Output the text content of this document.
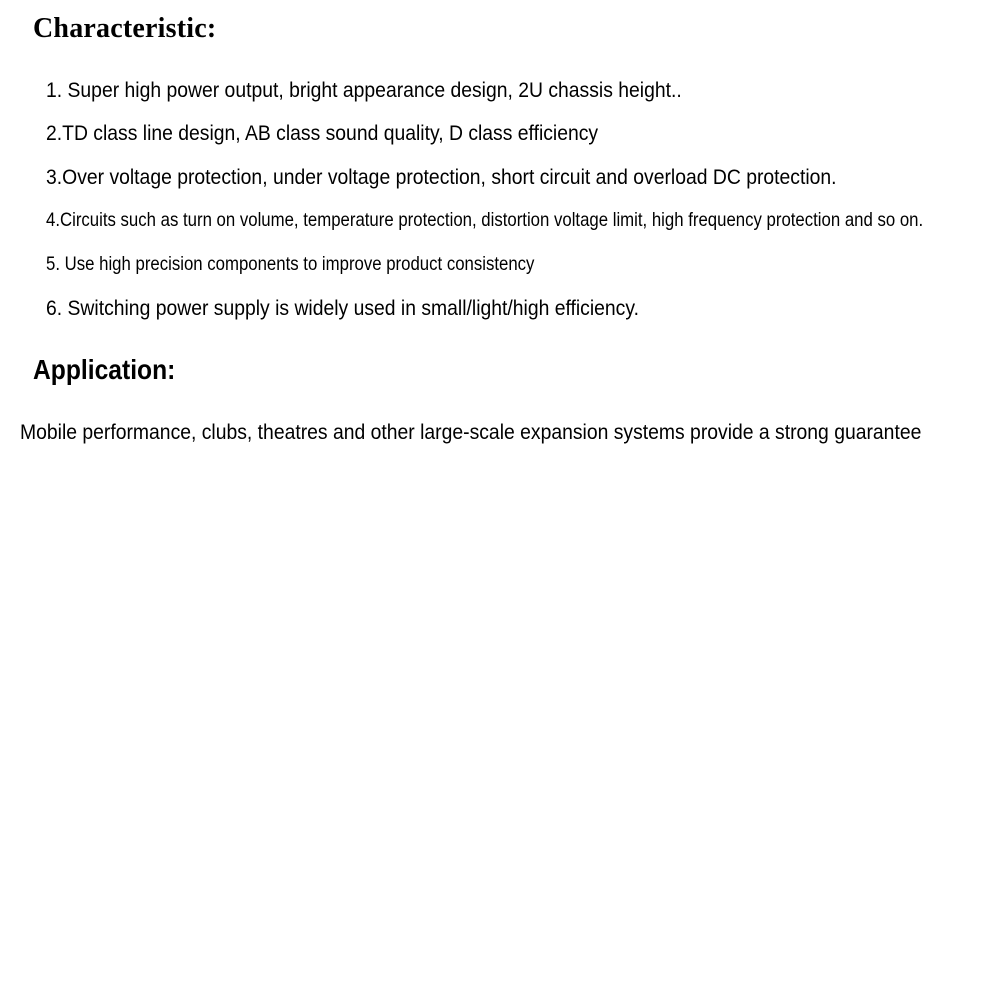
Characteristic:

1. Super high power output, bright appearance design, 2U chassis height..

2.TD class line design, AB class sound quality, D class efficiency

3.Over voltage protection, under voltage protection, short circuit and overload DC protection.

4.Circuits such as turn on volume, temperature protection, distortion voltage limit, high frequency protection and so on.

5. Use high precision components to improve product consistency

6. Switching power supply is widely used in small/light/high efficiency.

Application:

Mobile performance, clubs, theatres and other large-scale expansion systems provide a strong guarantee
